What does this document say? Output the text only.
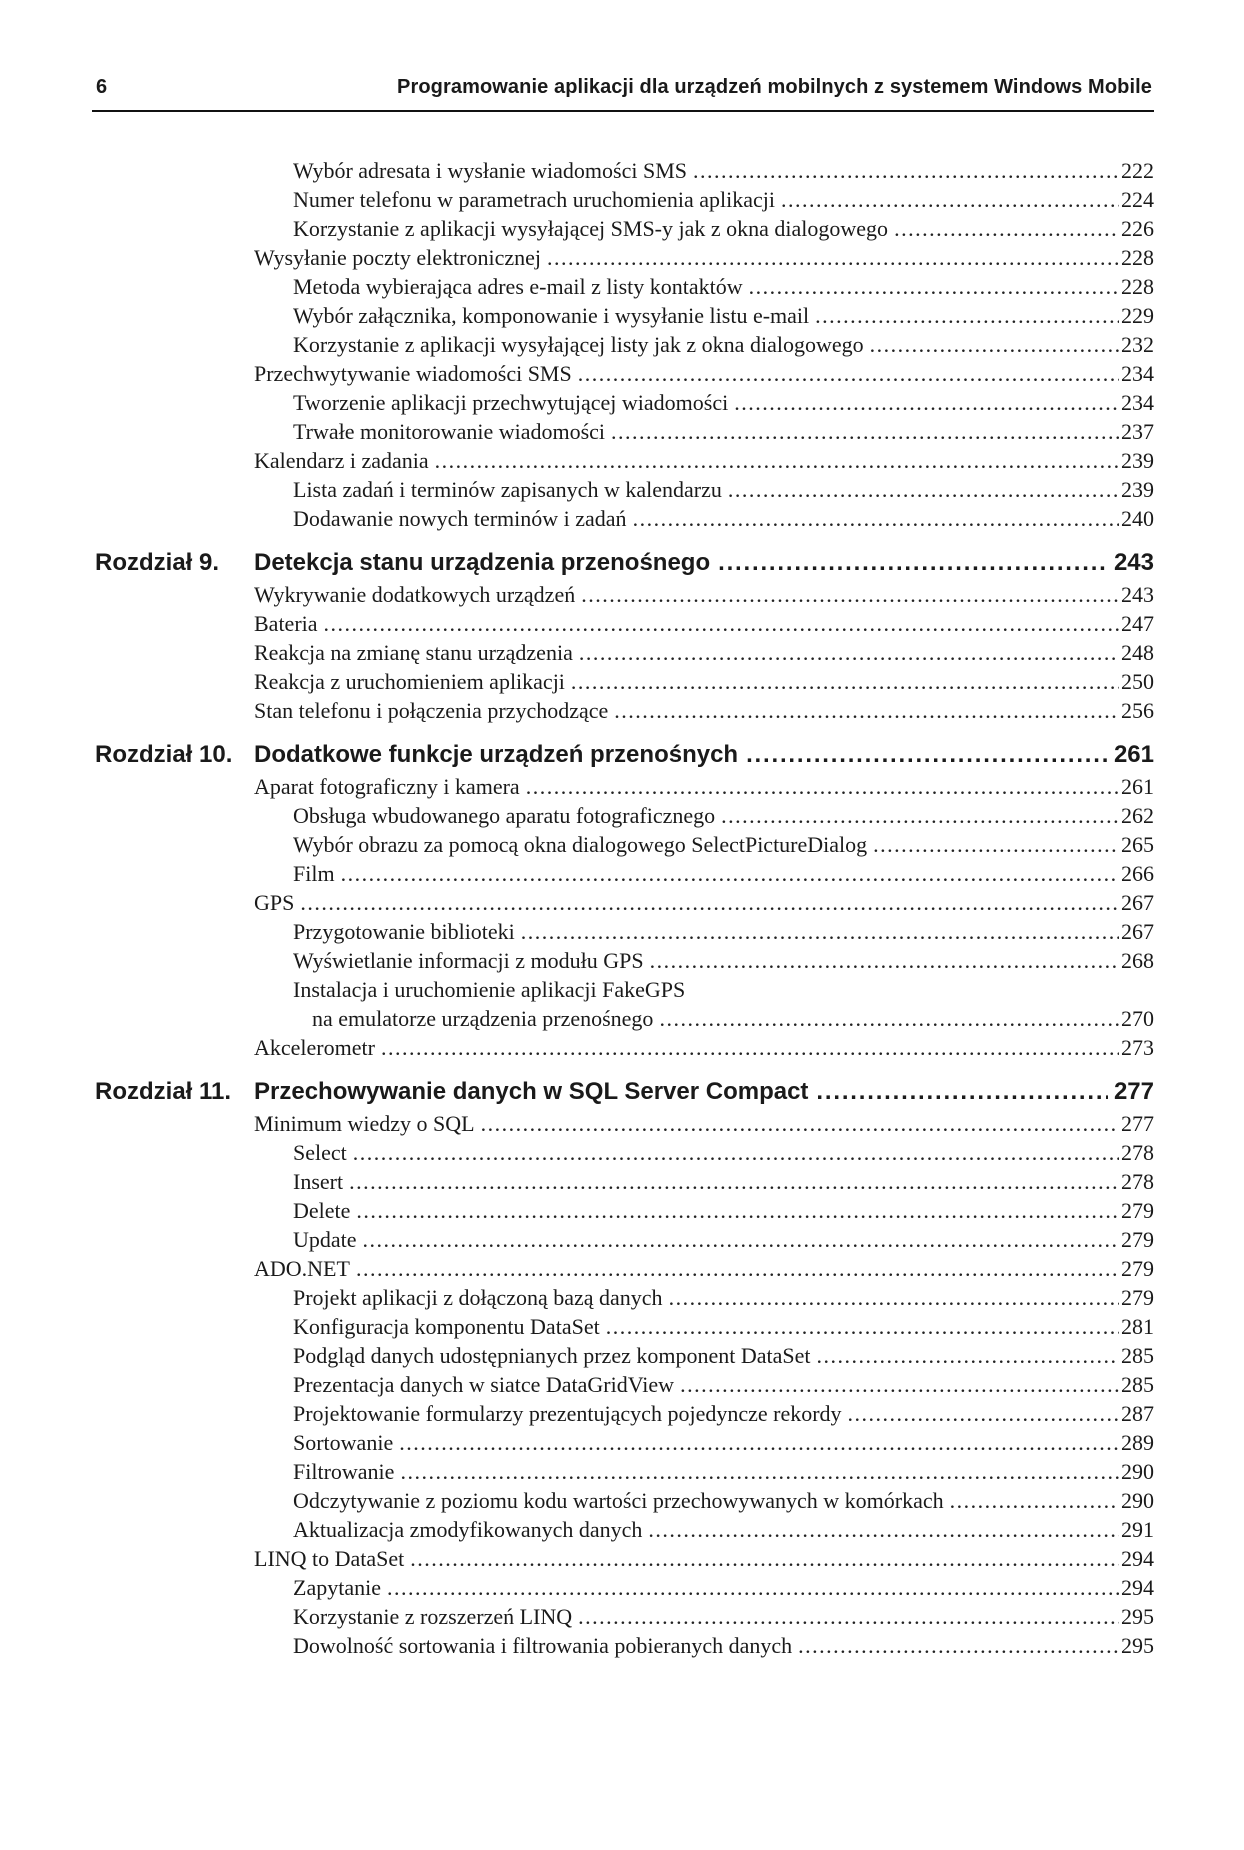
6	Programowanie aplikacji dla urządzeń mobilnych z systemem Windows Mobile
Wybór adresata i wysłanie wiadomości SMS .....	222
Numer telefonu w parametrach uruchomienia aplikacji .....	224
Korzystanie z aplikacji wysyłającej SMS-y jak z okna dialogowego .....	226
Wysyłanie poczty elektronicznej .....	228
Metoda wybierająca adres e-mail z listy kontaktów .....	228
Wybór załącznika, komponowanie i wysyłanie listu e-mail .....	229
Korzystanie z aplikacji wysyłającej listy jak z okna dialogowego .....	232
Przechwytywanie wiadomości SMS .....	234
Tworzenie aplikacji przechwytującej wiadomości .....	234
Trwałe monitorowanie wiadomości .....	237
Kalendarz i zadania .....	239
Lista zadań i terminów zapisanych w kalendarzu .....	239
Dodawanie nowych terminów i zadań .....	240
Rozdział 9.	Detekcja stanu urządzenia przenośnego .....	243
Wykrywanie dodatkowych urządzeń .....	243
Bateria .....	247
Reakcja na zmianę stanu urządzenia .....	248
Reakcja z uruchomieniem aplikacji .....	250
Stan telefonu i połączenia przychodzące .....	256
Rozdział 10. Dodatkowe funkcje urządzeń przenośnych .....	261
Aparat fotograficzny i kamera .....	261
Obsługa wbudowanego aparatu fotograficznego .....	262
Wybór obrazu za pomocą okna dialogowego SelectPictureDialog .....	265
Film .....	266
GPS .....	267
Przygotowanie biblioteki .....	267
Wyświetlanie informacji z modułu GPS .....	268
Instalacja i uruchomienie aplikacji FakeGPS
na emulatorze urządzenia przenośnego .....	270
Akcelerometr .....	273
Rozdział 11. Przechowywanie danych w SQL Server Compact .....	277
Minimum wiedzy o SQL .....	277
Select .....	278
Insert .....	278
Delete .....	279
Update .....	279
ADO.NET .....	279
Projekt aplikacji z dołączoną bazą danych .....	279
Konfiguracja komponentu DataSet .....	281
Podgląd danych udostępnianych przez komponent DataSet .....	285
Prezentacja danych w siatce DataGridView .....	285
Projektowanie formularzy prezentujących pojedyncze rekordy .....	287
Sortowanie .....	289
Filtrowanie .....	290
Odczytywanie z poziomu kodu wartości przechowywanych w komórkach .....	290
Aktualizacja zmodyfikowanych danych .....	291
LINQ to DataSet .....	294
Zapytanie .....	294
Korzystanie z rozszerzeń LINQ .....	295
Dowolność sortowania i filtrowania pobieranych danych .....	295
